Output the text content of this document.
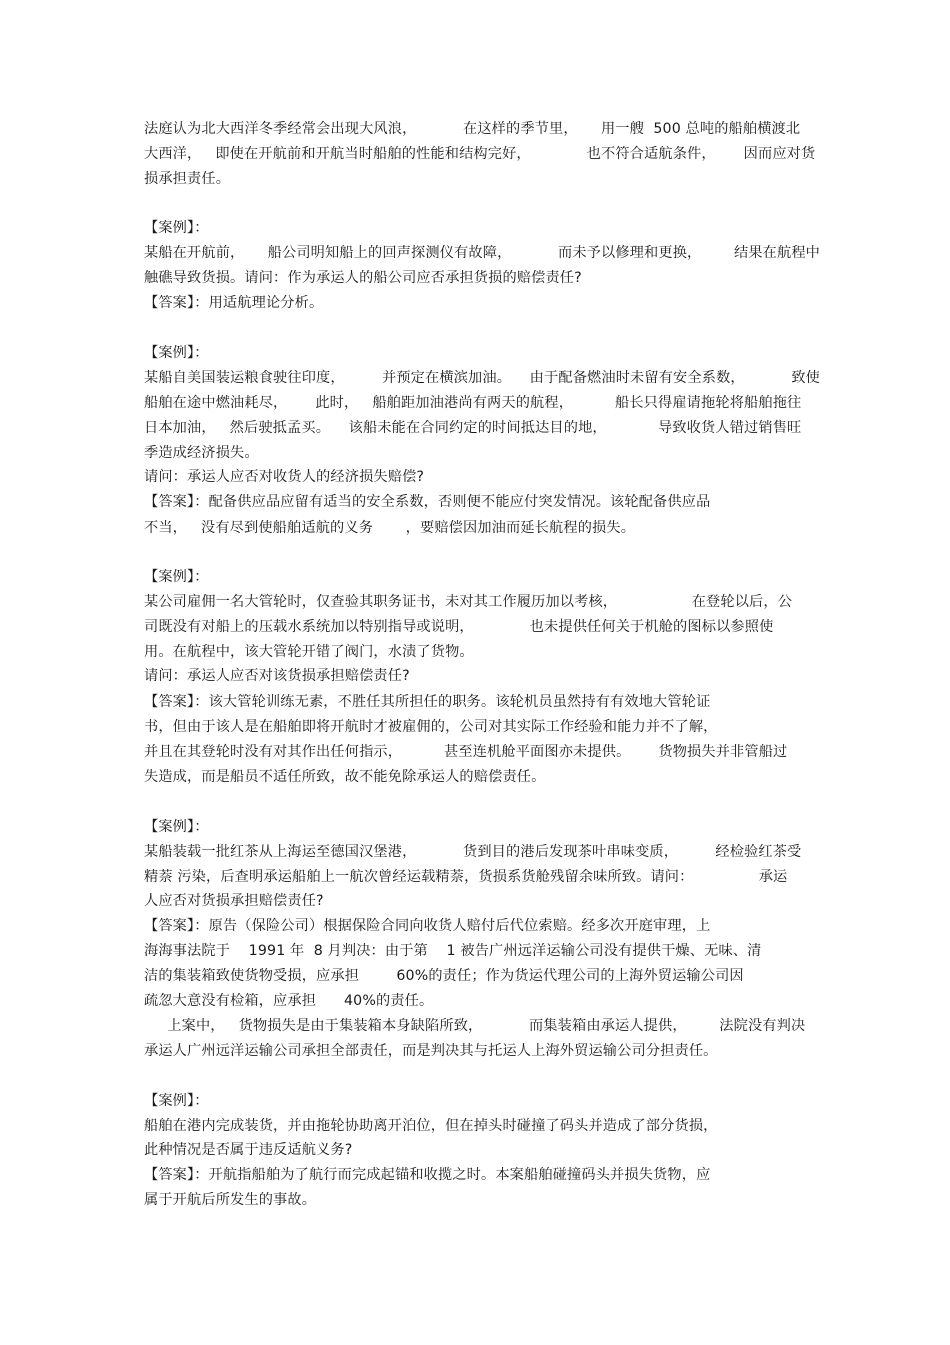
法庭认为北大西洋冬季经常会出现大风浪，          在这样的季节里，     用一艘  500 总吨的船舶横渡北
大西洋，   即使在开航前和开航当时船舶的性能和结构完好，            也不符合适航条件，      因而应对货
损承担责任。
【案例】：
某船在开航前，     船公司明知船上的回声探测仪有故障，          而未予以修理和更换，       结果在航程中
触礁导致货损。请问：作为承运人的船公司应否承担货损的赔偿责任?
【答案】：用适航理论分析。
【案例】：
某船自美国装运粮食驶往印度，        并预定在横滨加油。    由于配备燃油时未留有安全系数，          致使
船舶在途中燃油耗尽，      此时，   船舶距加油港尚有两天的航程，         船长只得雇请拖轮将船舶拖往
日本加油，   然后驶抵孟买。    该船未能在合同约定的时间抵达目的地，           导致收货人错过销售旺
季造成经济损失。
请问：承运人应否对收货人的经济损失赔偿?
【答案】：配备供应品应留有适当的安全系数，否则便不能应付突发情况。该轮配备供应品
不当，   没有尽到使船舶适航的义务       ，要赔偿因加油而延长航程的损失。
【案例】：
某公司雇佣一名大管轮时，仅查验其职务证书，未对其工作履历加以考核，                在登轮以后，公
司既没有对船上的压载水系统加以特别指导或说明，            也未提供任何关于机舱的图标以参照使
用。在航程中，该大管轮开错了阀门，水渍了货物。
请问：承运人应否对该货损承担赔偿责任?
【答案】：该大管轮训练无素，不胜任其所担任的职务。该轮机员虽然持有有效地大管轮证
书，但由于该人是在船舶即将开航时才被雇佣的，公司对其实际工作经验和能力并不了解，
并且在其登轮时没有对其作出任何指示，         甚至连机舱平面图亦未提供。      货物损失并非管船过
失造成，而是船员不适任所致，故不能免除承运人的赔偿责任。
【案例】：
某船装载一批红茶从上海运至德国汉堡港，          货到目的港后发现茶叶串味变质，        经检验红茶受
精萘 污染，后查明承运船舶上一航次曾经运载精萘，货损系货舱残留余味所致。请问：              承运
人应否对货损承担赔偿责任?
【答案】：原告（保险公司）根据保险合同向收货人赔付后代位索赔。经多次开庭审理，上
海海事法院于    1991 年  8 月判决：由于第    1 被告广州远洋运输公司没有提供干燥、无味、清
洁的集装箱致使货物受损，应承担        60%的责任；作为货运代理公司的上海外贸运输公司因
疏忽大意没有检箱，应承担      40%的责任。
上案中，   货物损失是由于集装箱本身缺陷所致，          而集装箱由承运人提供，       法院没有判决
承运人广州远洋运输公司承担全部责任，而是判决其与托运人上海外贸运输公司分担责任。
【案例】：
船舶在港内完成装货，并由拖轮协助离开泊位，但在掉头时碰撞了码头并造成了部分货损，
此种情况是否属于违反适航义务?
【答案】：开航指船舶为了航行而完成起锚和收揽之时。本案船舶碰撞码头并损失货物，应
属于开航后所发生的事故。
